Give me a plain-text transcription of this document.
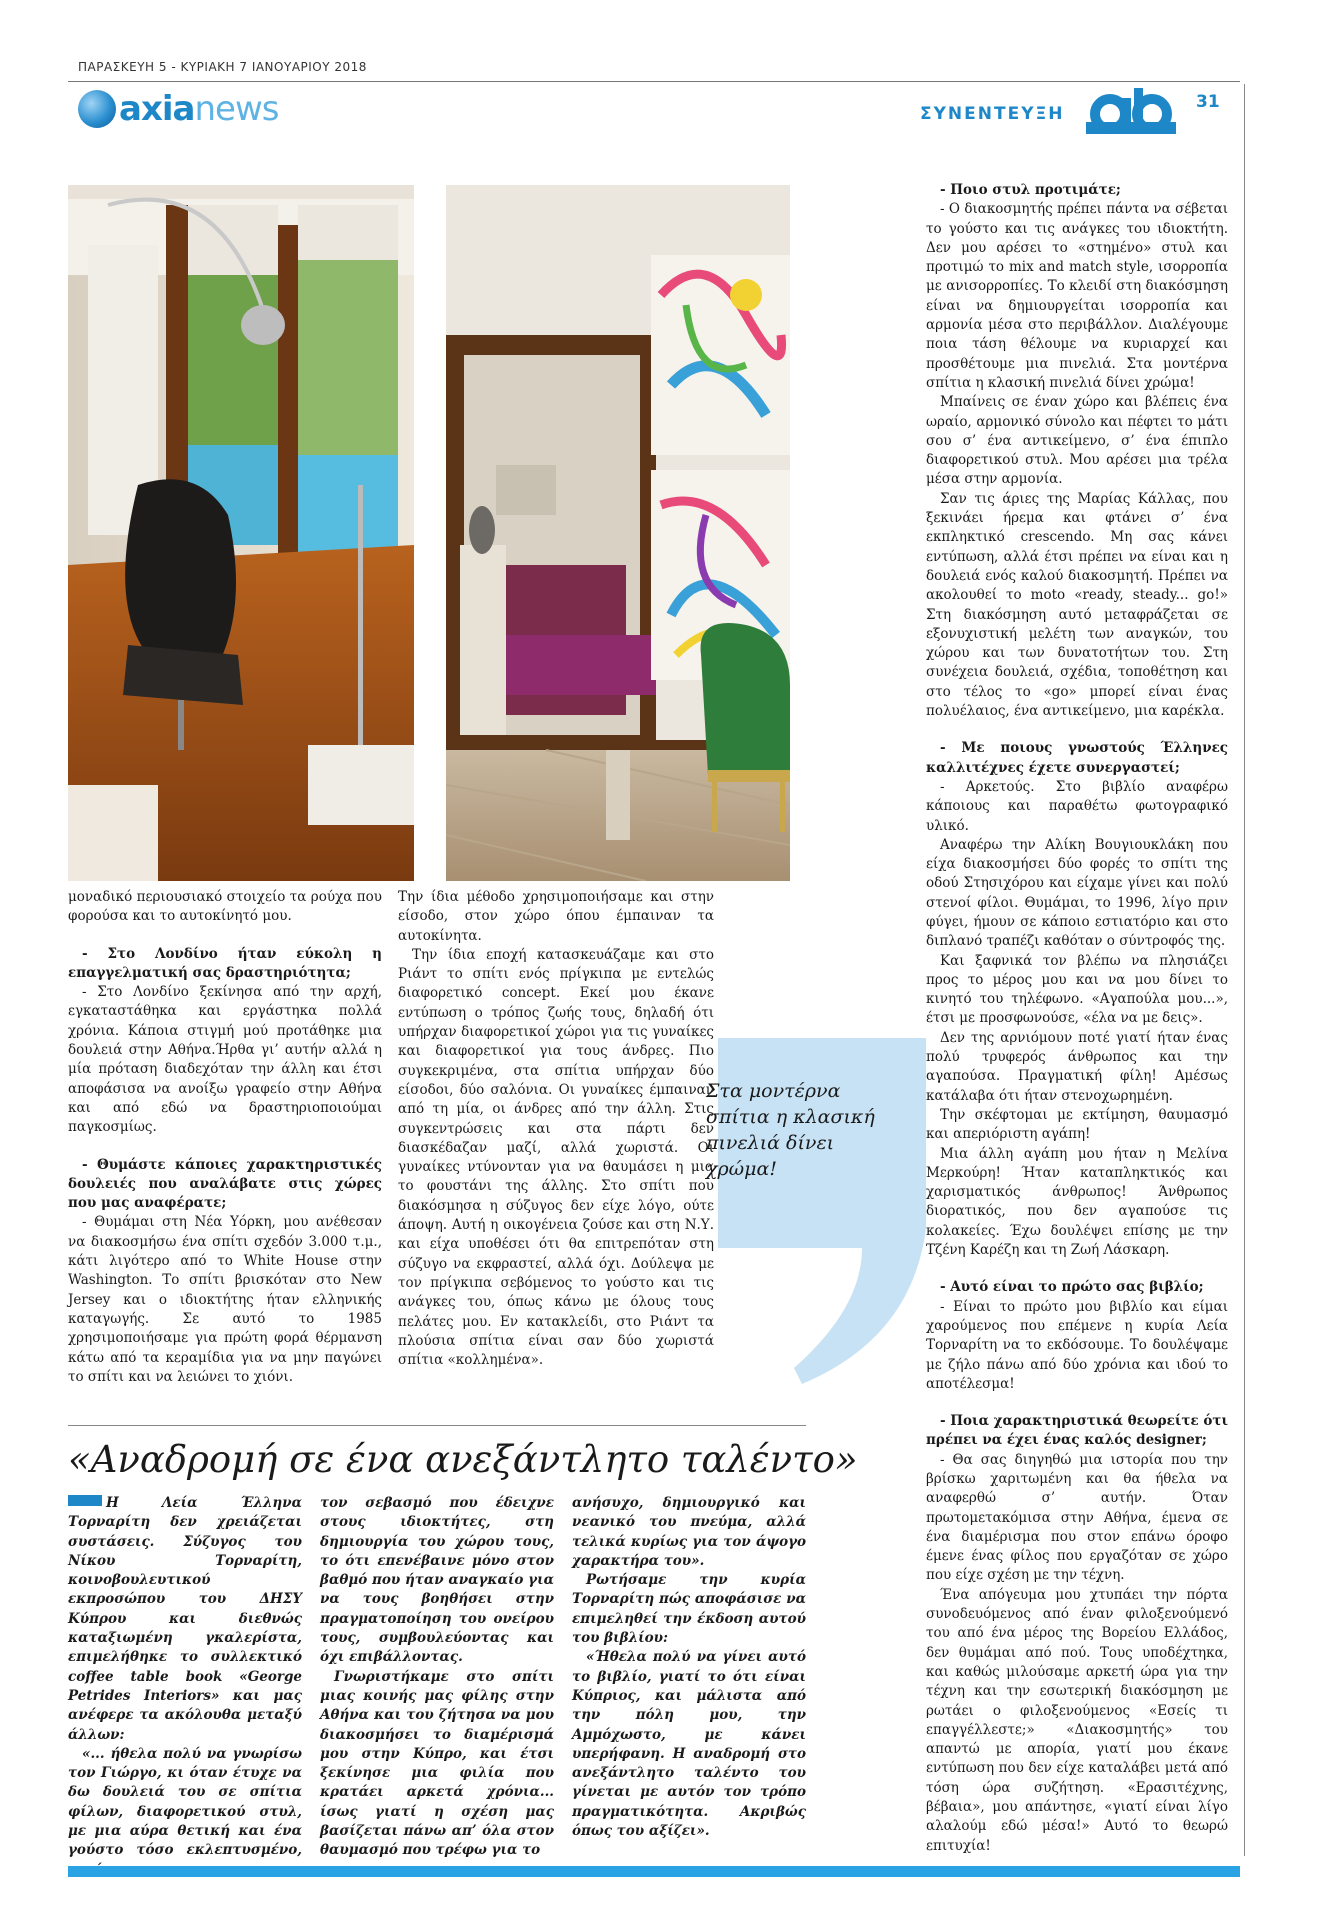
ΠΑΡΑΣΚΕΥΗ 5 - ΚΥΡΙΑΚΗ 7 ΙΑΝΟΥΑΡΙΟΥ 2018
axia news	ΣΥΝΕΝΤΕΥΞΗ
31

μοναδικό περιουσιακό στοιχείο τα ρούχα που φορούσα και το αυτοκίνητό μου.

- Στο Λονδίνο ήταν εύκολη η επαγγελματική σας δραστηριότητα;

- Στο Λονδίνο ξεκίνησα από την αρχή, εγκαταστάθηκα και εργάστηκα πολλά χρόνια. Κάποια στιγμή μού προτάθηκε μια δουλειά στην Αθήνα.Ήρθα γι’ αυτήν αλλά η μία πρόταση διαδεχόταν την άλλη και έτσι αποφάσισα να ανοίξω γραφείο στην Αθήνα και από εδώ να δραστηριοποιούμαι παγκοσμίως.

- Θυμάστε κάποιες χαρακτηριστικές δουλειές που αναλάβατε στις χώρες που μας αναφέρατε;

- Θυμάμαι στη Νέα Υόρκη, μου ανέθεσαν να διακοσμήσω ένα σπίτι σχεδόν 3.000 τ.μ., κάτι λιγότερο από το White House στην Washington. Το σπίτι βρισκόταν στο New Jersey και ο ιδιοκτήτης ήταν ελληνικής καταγωγής. Σε αυτό το 1985 χρησιμοποιήσαμε για πρώτη φορά θέρμανση κάτω από τα κεραμίδια για να μην παγώνει το σπίτι και να λειώνει το χιόνι.

Την ίδια μέθοδο χρησιμοποιήσαμε και στην είσοδο, στον χώρο όπου έμπαιναν τα αυτοκίνητα.

Την ίδια εποχή κατασκευάζαμε και στο Ριάντ το σπίτι ενός πρίγκιπα με εντελώς διαφορετικό concept. Εκεί μου έκανε εντύπωση ο τρόπος ζωής τους, δηλαδή ότι υπήρχαν διαφορετικοί χώροι για τις γυναίκες και διαφορετικοί για τους άνδρες. Πιο συγκεκριμένα, στα σπίτια υπήρχαν δύο είσοδοι, δύο σαλόνια. Οι γυναίκες έμπαιναν από τη μία, οι άνδρες από την άλλη. Στις συγκεντρώσεις και στα πάρτι δεν διασκέδαζαν μαζί, αλλά χωριστά. Οι γυναίκες ντύνονταν για να θαυμάσει η μια το φουστάνι της άλλης. Στο σπίτι που διακόσμησα η σύζυγος δεν είχε λόγο, ούτε άποψη. Αυτή η οικογένεια ζούσε και στη Ν.Υ. και είχα υποθέσει ότι θα επιτρεπόταν στη σύζυγο να εκφραστεί, αλλά όχι. Δούλεψα με τον πρίγκιπα σεβόμενος το γούστο και τις ανάγκες του, όπως κάνω με όλους τους πελάτες μου. Εν κατακλείδι, στο Ριάντ τα πλούσια σπίτια είναι σαν δύο χωριστά σπίτια «κολλημένα».

Στα μοντέρνα σπίτια η κλασική πινελιά δίνει χρώμα!

- Ποιο στυλ προτιμάτε;

- Ο διακοσμητής πρέπει πάντα να σέβεται το γούστο και τις ανάγκες του ιδιοκτήτη. Δεν μου αρέσει το «στημένο» στυλ και προτιμώ το mix and match style, ισορροπία με ανισορροπίες. Το κλειδί στη διακόσμηση είναι να δημιουργείται ισορροπία και αρμονία μέσα στο περιβάλλον. Διαλέγουμε ποια τάση θέλουμε να κυριαρχεί και προσθέτουμε μια πινελιά. Στα μοντέρνα σπίτια η κλασική πινελιά δίνει χρώμα!

Μπαίνεις σε έναν χώρο και βλέπεις ένα ωραίο, αρμονικό σύνολο και πέφτει το μάτι σου σ’ ένα αντικείμενο, σ’ ένα έπιπλο διαφορετικού στυλ. Μου αρέσει μια τρέλα μέσα στην αρμονία.

Σαν τις άριες της Μαρίας Κάλλας, που ξεκινάει ήρεμα και φτάνει σ’ ένα εκπληκτικό crescendo. Μη σας κάνει εντύπωση, αλλά έτσι πρέπει να είναι και η δουλειά ενός καλού διακοσμητή. Πρέπει να ακολουθεί το moto «ready, steady... go!» Στη διακόσμηση αυτό μεταφράζεται σε εξονυχιστική μελέτη των αναγκών, του χώρου και των δυνατοτήτων του. Στη συνέχεια δουλειά, σχέδια, τοποθέτηση και στο τέλος το «go» μπορεί είναι ένας πολυέλαιος, ένα αντικείμενο, μια καρέκλα.

- Με ποιους γνωστούς Έλληνες καλλιτέχνες έχετε συνεργαστεί;

- Αρκετούς. Στο βιβλίο αναφέρω κάποιους και παραθέτω φωτογραφικό υλικό.

Αναφέρω την Αλίκη Βουγιουκλάκη που είχα διακοσμήσει δύο φορές το σπίτι της οδού Στησιχόρου και είχαμε γίνει και πολύ στενοί φίλοι. Θυμάμαι, το 1996, λίγο πριν φύγει, ήμουν σε κάποιο εστιατόριο και στο διπλανό τραπέζι καθόταν ο σύντροφός της.

Και ξαφνικά τον βλέπω να πλησιάζει προς το μέρος μου και να μου δίνει το κινητό του τηλέφωνο. «Αγαπούλα μου...», έτσι με προσφωνούσε, «έλα να με δεις».

Δεν της αρνιόμουν ποτέ γιατί ήταν ένας πολύ τρυφερός άνθρωπος και την αγαπούσα. Πραγματική φίλη! Αμέσως κατάλαβα ότι ήταν στενοχωρημένη.

Την σκέφτομαι με εκτίμηση, θαυμασμό και απεριόριστη αγάπη!

Μια άλλη αγάπη μου ήταν η Μελίνα Μερκούρη! Ήταν καταπληκτικός και χαρισματικός άνθρωπος! Άνθρωπος διορατικός, που δεν αγαπούσε τις κολακείες. Έχω δουλέψει επίσης με την Τζένη Καρέζη και τη Ζωή Λάσκαρη.

- Αυτό είναι το πρώτο σας βιβλίο;

- Είναι το πρώτο μου βιβλίο και είμαι χαρούμενος που επέμενε η κυρία Λεία Τορναρίτη να το εκδόσουμε. Το δουλέψαμε με ζήλο πάνω από δύο χρόνια και ιδού το αποτέλεσμα!

- Ποια χαρακτηριστικά θεωρείτε ότι πρέπει να έχει ένας καλός designer;

- Θα σας διηγηθώ μια ιστορία που την βρίσκω χαριτωμένη και θα ήθελα να αναφερθώ σ’ αυτήν. Όταν πρωτομετακόμισα στην Αθήνα, έμενα σε ένα διαμέρισμα που στον επάνω όροφο έμενε ένας φίλος που εργαζόταν σε χώρο που είχε σχέση με την τέχνη.

Ένα απόγευμα μου χτυπάει την πόρτα συνοδευόμενος από έναν φιλοξενούμενό του από ένα μέρος της Βορείου Ελλάδος, δεν θυμάμαι από πού. Τους υποδέχτηκα, και καθώς μιλούσαμε αρκετή ώρα για την τέχνη και την εσωτερική διακόσμηση με ρωτάει ο φιλοξενούμενος «Εσείς τι επαγγέλλεστε;» «Διακοσμητής» του απαντώ με απορία, γιατί μου έκανε εντύπωση που δεν είχε καταλάβει μετά από τόση ώρα συζήτηση. «Ερασιτέχνης, βέβαια», μου απάντησε, «γιατί είναι λίγο αλαλούμ εδώ μέσα!» Αυτό το θεωρώ επιτυχία!

«Αναδρομή σε ένα ανεξάντλητο ταλέντο»

Η Λεία Έλληνα Τορναρίτη δεν χρειάζεται συστάσεις. Σύζυγος του Νίκου Τορναρίτη, κοινοβουλευτικού εκπροσώπου του ΔΗΣΥ Κύπρου και διεθνώς καταξιωμένη γκαλερίστα, επιμελήθηκε το συλλεκτικό coffee table book «George Petrides Interiors» και μας ανέφερε τα ακόλουθα μεταξύ άλλων:

«... ήθελα πολύ να γνωρίσω τον Γιώργο, κι όταν έτυχε να δω δουλειά του σε σπίτια φίλων, διαφορετικού στυλ, με μια αύρα θετική και ένα γούστο τόσο εκλεπτυσμένο,

τον σεβασμό που έδειχνε στους ιδιοκτήτες, στη δημιουργία του χώρου τους, το ότι επενέβαινε μόνο στον βαθμό που ήταν αναγκαίο για να τους βοηθήσει στην πραγματοποίηση του ονείρου τους, συμβουλεύοντας και όχι επιβάλλοντας.

Γνωριστήκαμε στο σπίτι μιας κοινής μας φίλης στην Αθήνα και του ζήτησα να μου διακοσμήσει το διαμέρισμά μου στην Κύπρο, και έτσι ξεκίνησε μια φιλία που κρατάει αρκετά χρόνια... ίσως γιατί η σχέση μας βασίζεται πάνω απ’ όλα στον θαυμασμό που τρέφω για το

ανήσυχο, δημιουργικό και νεανικό του πνεύμα, αλλά τελικά κυρίως για τον άψογο χαρακτήρα του».

Ρωτήσαμε την κυρία Τορναρίτη πώς αποφάσισε να επιμεληθεί την έκδοση αυτού του βιβλίου:

«Ήθελα πολύ να γίνει αυτό το βιβλίο, γιατί το ότι είναι Κύπριος, και μάλιστα από την πόλη μου, την Αμμόχωστο, με κάνει υπερήφανη. Η αναδρομή στο ανεξάντλητο ταλέντο του γίνεται με αυτόν τον τρόπο πραγματικότητα. Ακριβώς όπως του αξίζει».
